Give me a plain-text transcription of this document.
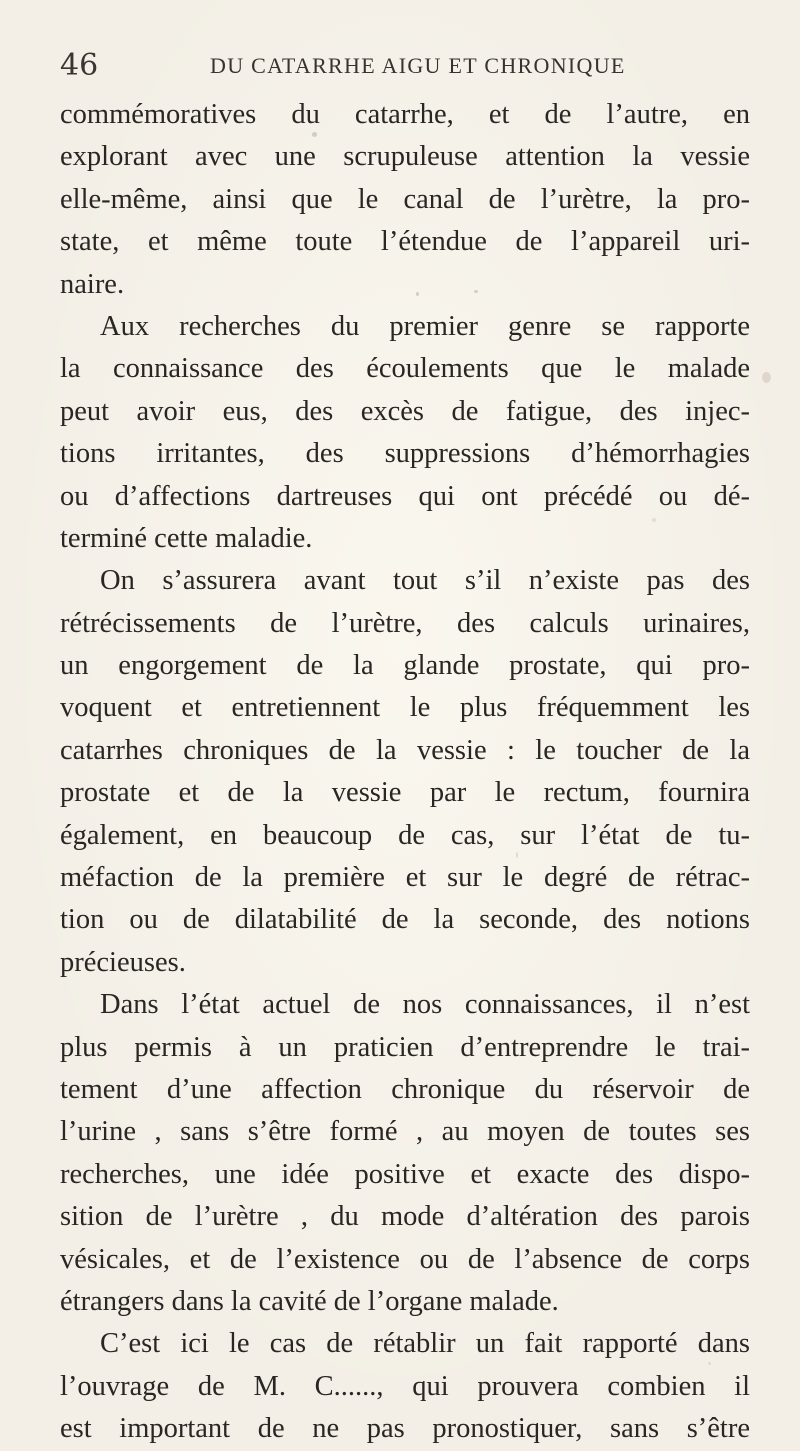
46	DU CATARRHE AIGU ET CHRONIQUE
commémoratives du catarrhe, et de l’autre, en
explorant avec une scrupuleuse attention la vessie
elle-même, ainsi que le canal de l’urètre, la pro-
state, et même toute l’étendue de l’appareil uri-
naire.
Aux recherches du premier genre se rapporte
la connaissance des écoulements que le malade
peut avoir eus, des excès de fatigue, des injec-
tions irritantes, des suppressions d’hémorrhagies
ou d’affections dartreuses qui ont précédé ou dé-
terminé cette maladie.
On s’assurera avant tout s’il n’existe pas des
rétrécissements de l’urètre, des calculs urinaires,
un engorgement de la glande prostate, qui pro-
voquent et entretiennent le plus fréquemment les
catarrhes chroniques de la vessie : le toucher de la
prostate et de la vessie par le rectum, fournira
également, en beaucoup de cas, sur l’état de tu-
méfaction de la première et sur le degré de rétrac-
tion ou de dilatabilité de la seconde, des notions
précieuses.
Dans l’état actuel de nos connaissances, il n’est
plus permis à un praticien d’entreprendre le trai-
tement d’une affection chronique du réservoir de
l’urine , sans s’être formé , au moyen de toutes ses
recherches, une idée positive et exacte des dispo-
sition de l’urètre , du mode d’altération des parois
vésicales, et de l’existence ou de l’absence de corps
étrangers dans la cavité de l’organe malade.
C’est ici le cas de rétablir un fait rapporté dans
l’ouvrage de M. C......, qui prouvera combien il
est important de ne pas pronostiquer, sans s’être
